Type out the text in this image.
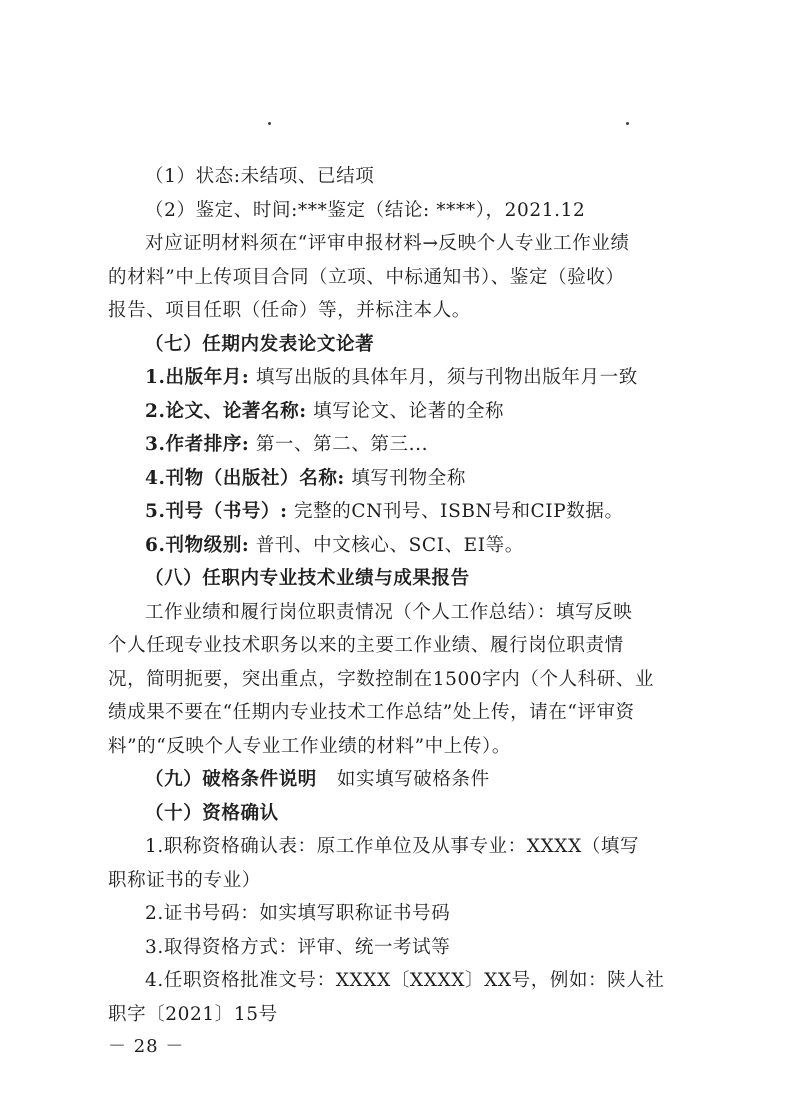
（1）状态:未结项、已结项
（2）鉴定、时间:***鉴定（结论: ****），2021.12
对应证明材料须在“评审申报材料→反映个人专业工作业绩
的材料”中上传项目合同（立项、中标通知书）、鉴定（验收）
报告、项目任职（任命）等，并标注本人。
（七）任期内发表论文论著
1.出版年月: 填写出版的具体年月，须与刊物出版年月一致
2.论文、论著名称: 填写论文、论著的全称
3.作者排序: 第一、第二、第三...
4.刊物（出版社）名称: 填写刊物全称
5.刊号（书号）: 完整的CN刊号、ISBN号和CIP数据。
6.刊物级别: 普刊、中文核心、SCI、EI等。
（八）任职内专业技术业绩与成果报告
工作业绩和履行岗位职责情况（个人工作总结）：填写反映
个人任现专业技术职务以来的主要工作业绩、履行岗位职责情
况，简明扼要，突出重点，字数控制在1500字内（个人科研、业
绩成果不要在“任期内专业技术工作总结”处上传，请在“评审资
料”的“反映个人专业工作业绩的材料”中上传）。
（九）破格条件说明 如实填写破格条件
（十）资格确认
1.职称资格确认表：原工作单位及从事专业：XXXX（填写
职称证书的专业）
2.证书号码：如实填写职称证书号码
3.取得资格方式：评审、统一考试等
4.任职资格批准文号：XXXX〔XXXX〕XX号，例如：陕人社
职字〔2021〕15号
－ 28 －
